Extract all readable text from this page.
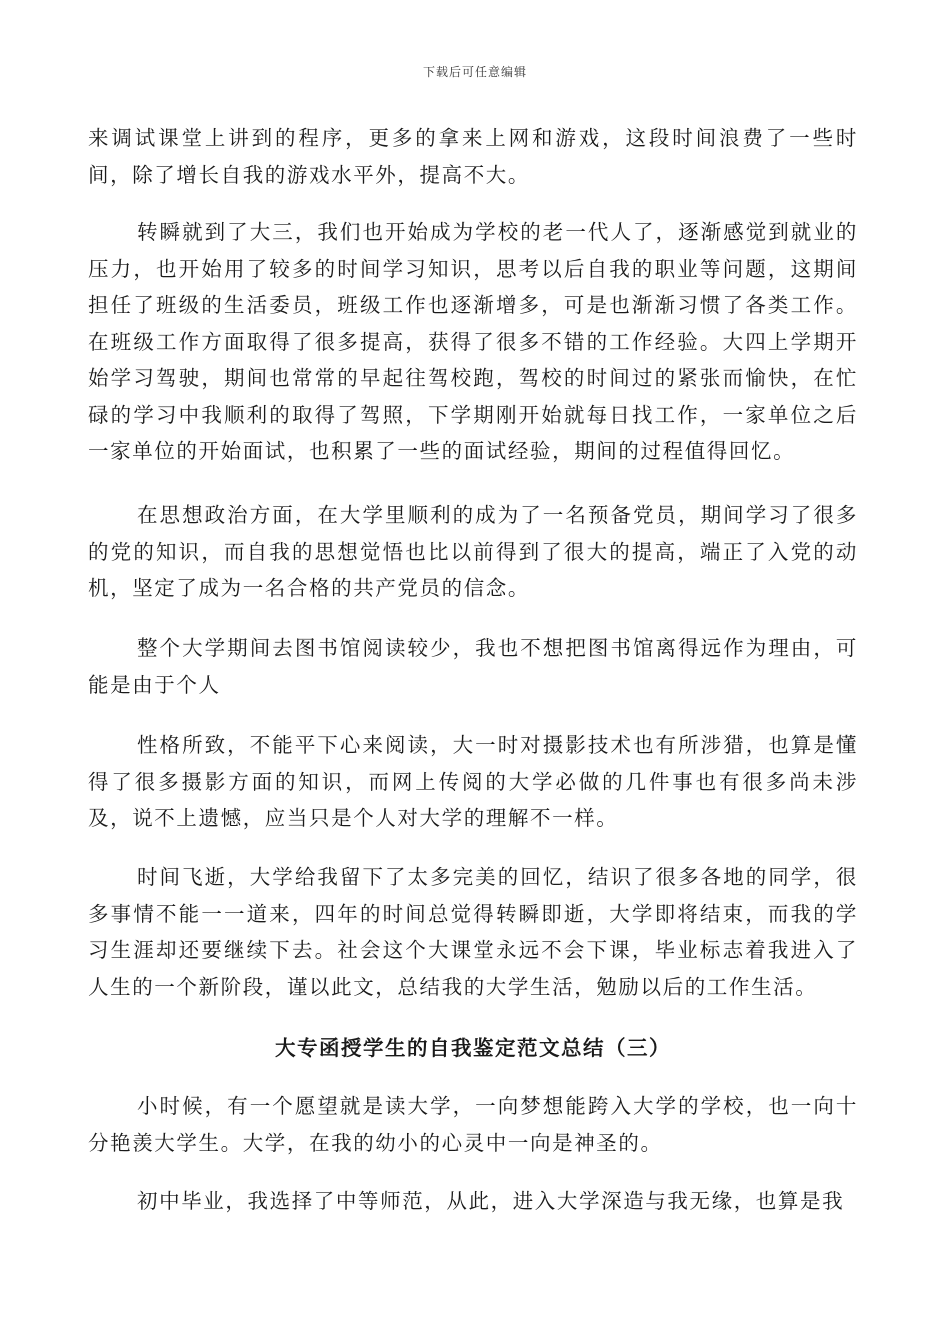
下载后可任意编辑

来调试课堂上讲到的程序，更多的拿来上网和游戏，这段时间浪费了一些时间，除了增长自我的游戏水平外，提高不大。

转瞬就到了大三，我们也开始成为学校的老一代人了，逐渐感觉到就业的压力，也开始用了较多的时间学习知识，思考以后自我的职业等问题，这期间担任了班级的生活委员，班级工作也逐渐增多，可是也渐渐习惯了各类工作。在班级工作方面取得了很多提高，获得了很多不错的工作经验。大四上学期开始学习驾驶，期间也常常的早起往驾校跑，驾校的时间过的紧张而愉快，在忙碌的学习中我顺利的取得了驾照，下学期刚开始就每日找工作，一家单位之后一家单位的开始面试，也积累了一些的面试经验，期间的过程值得回忆。

在思想政治方面，在大学里顺利的成为了一名预备党员，期间学习了很多的党的知识，而自我的思想觉悟也比以前得到了很大的提高，端正了入党的动机，坚定了成为一名合格的共产党员的信念。

整个大学期间去图书馆阅读较少，我也不想把图书馆离得远作为理由，可能是由于个人

性格所致，不能平下心来阅读，大一时对摄影技术也有所涉猎，也算是懂得了很多摄影方面的知识，而网上传阅的大学必做的几件事也有很多尚未涉及，说不上遗憾，应当只是个人对大学的理解不一样。

时间飞逝，大学给我留下了太多完美的回忆，结识了很多各地的同学，很多事情不能一一道来，四年的时间总觉得转瞬即逝，大学即将结束，而我的学习生涯却还要继续下去。社会这个大课堂永远不会下课，毕业标志着我进入了人生的一个新阶段，谨以此文，总结我的大学生活，勉励以后的工作生活。

大专函授学生的自我鉴定范文总结（三）

小时候，有一个愿望就是读大学，一向梦想能跨入大学的学校，也一向十分艳羡大学生。大学，在我的幼小的心灵中一向是神圣的。

初中毕业，我选择了中等师范，从此，进入大学深造与我无缘，也算是我
